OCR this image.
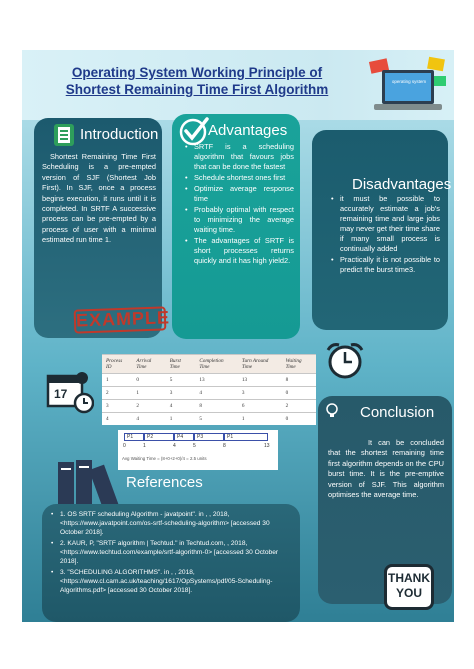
Operating System Working Principle of
Shortest Remaining Time First Algorithm
operating system
Introduction
Shortest Remaining Time First Scheduling is a pre-empted version of SJF (Shortest Job First). In SJF, once a process begins execution, it runs until it is completed. In SRTF A successive process can be pre-empted by a process of user with a minimal estimated run time 1.
Advantages
• SRTF is a scheduling algorithm that favours jobs that can be done the fastest
• Schedule shortest ones first
• Optimize average response time
• Probably optimal with respect to minimizing the average waiting time.
• The advantages of SRTF is short processes returns quickly and it has high yield2.
Disadvantages
• it must be possible to accurately estimate a job's remaining time and large jobs may never get their time share if many small process is continually added
• Practically it is not possible to predict the burst time3.
EXAMPLE
17
Process ID	Arrival Time	Burst Time	Completion Time	Turn Around Time	Waiting Time
1	0	5	13	13	8
2	1	3	4	3	0
3	2	4	8	6	2
4	4	1	5	1	0
P1	P2	P4	P3	P1
0	1	4	5	8	13
Avg Waiting Time = (8+0+2+0)/4 = 2.5 units
Conclusion
It can be concluded that the shortest remaining time first algorithm depends on the CPU burst time. It is the pre-emptive version of SJF. This algorithm optimises the average time.
References
• 1. OS SRTF scheduling Algorithm - javatpoint". in , , 2018, <https://www.javatpoint.com/os-srtf-scheduling-algorithm> [accessed 30 October 2018].
• 2. KAUR, P, "SRTF algorithm | Techtud." in Techtud.com, , 2018, <https://www.techtud.com/example/srtf-algorithm-0> [accessed 30 October 2018].
• 3. "SCHEDULING ALGORITHMS". in , , 2018, <https://www.cl.cam.ac.uk/teaching/1617/OpSystems/pdf/05-Scheduling-Algorithms.pdf> [accessed 30 October 2018].
THANK
YOU
